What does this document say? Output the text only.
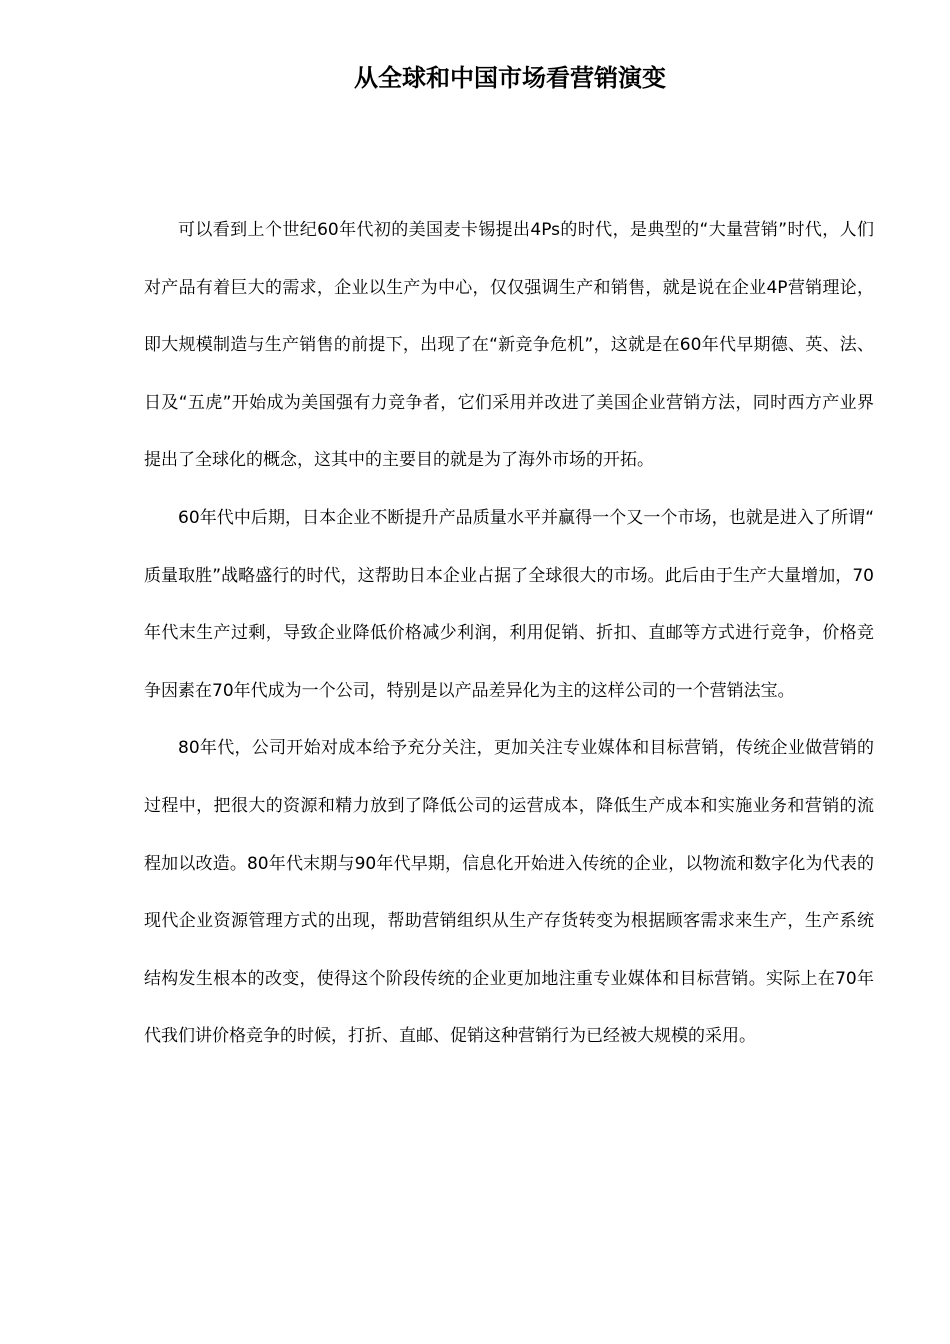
从全球和中国市场看营销演变

可以看到上个世纪60年代初的美国麦卡锡提出4Ps的时代，是典型的“大量营销”时代，人们对产品有着巨大的需求，企业以生产为中心，仅仅强调生产和销售，就是说在企业4P营销理论，即大规模制造与生产销售的前提下，出现了在“新竞争危机”，这就是在60年代早期德、英、法、日及“五虎”开始成为美国强有力竞争者，它们采用并改进了美国企业营销方法，同时西方产业界提出了全球化的概念，这其中的主要目的就是为了海外市场的开拓。

60年代中后期，日本企业不断提升产品质量水平并赢得一个又一个市场，也就是进入了所谓“质量取胜”战略盛行的时代，这帮助日本企业占据了全球很大的市场。此后由于生产大量增加，70年代末生产过剩，导致企业降低价格减少利润，利用促销、折扣、直邮等方式进行竞争，价格竞争因素在70年代成为一个公司，特别是以产品差异化为主的这样公司的一个营销法宝。

80年代，公司开始对成本给予充分关注，更加关注专业媒体和目标营销，传统企业做营销的过程中，把很大的资源和精力放到了降低公司的运营成本，降低生产成本和实施业务和营销的流程加以改造。80年代末期与90年代早期，信息化开始进入传统的企业，以物流和数字化为代表的现代企业资源管理方式的出现，帮助营销组织从生产存货转变为根据顾客需求来生产，生产系统结构发生根本的改变，使得这个阶段传统的企业更加地注重专业媒体和目标营销。实际上在70年代我们讲价格竞争的时候，打折、直邮、促销这种营销行为已经被大规模的采用。
